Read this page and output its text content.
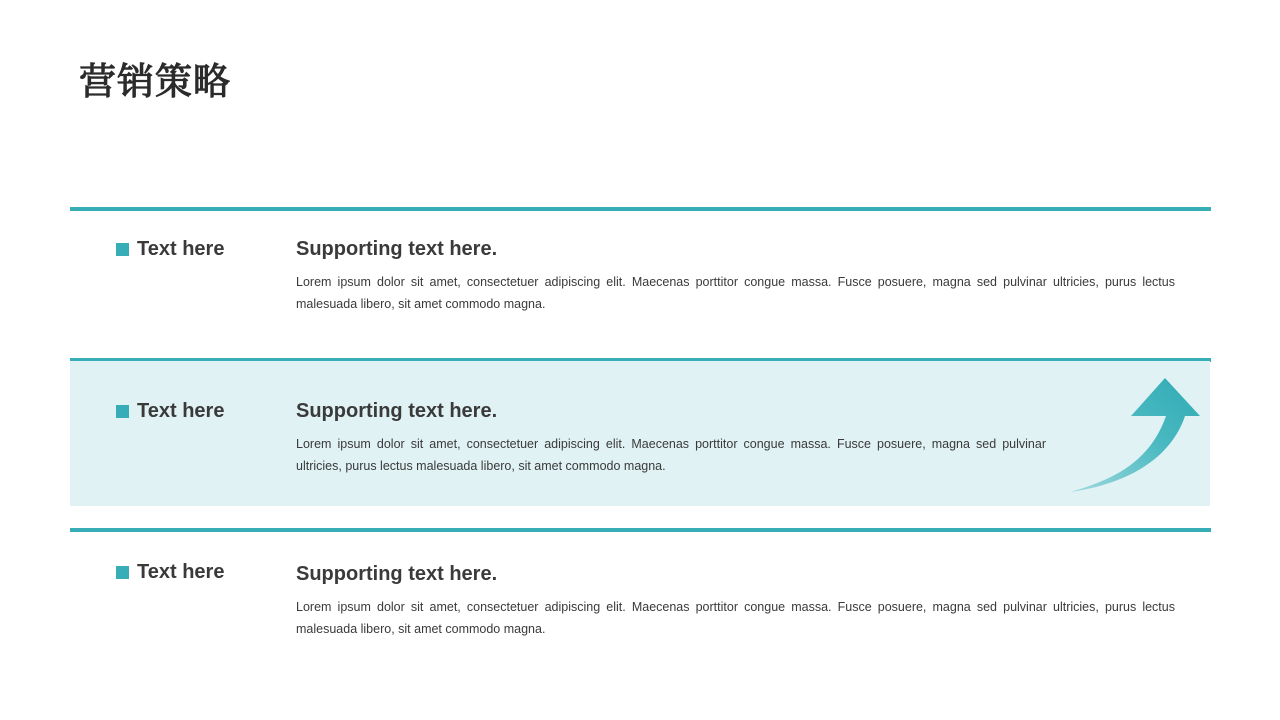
营销策略
Text here	Supporting text here.
Lorem ipsum dolor sit amet, consectetuer adipiscing elit. Maecenas porttitor congue massa. Fusce posuere, magna sed pulvinar ultricies, purus lectus malesuada libero, sit amet commodo magna.
Text here	Supporting text here.
Lorem ipsum dolor sit amet, consectetuer adipiscing elit. Maecenas porttitor congue massa. Fusce posuere, magna sed pulvinar ultricies, purus lectus malesuada libero, sit amet commodo magna.
Text here	Supporting text here.
Lorem ipsum dolor sit amet, consectetuer adipiscing elit. Maecenas porttitor congue massa. Fusce posuere, magna sed pulvinar ultricies, purus lectus malesuada libero, sit amet commodo magna.
